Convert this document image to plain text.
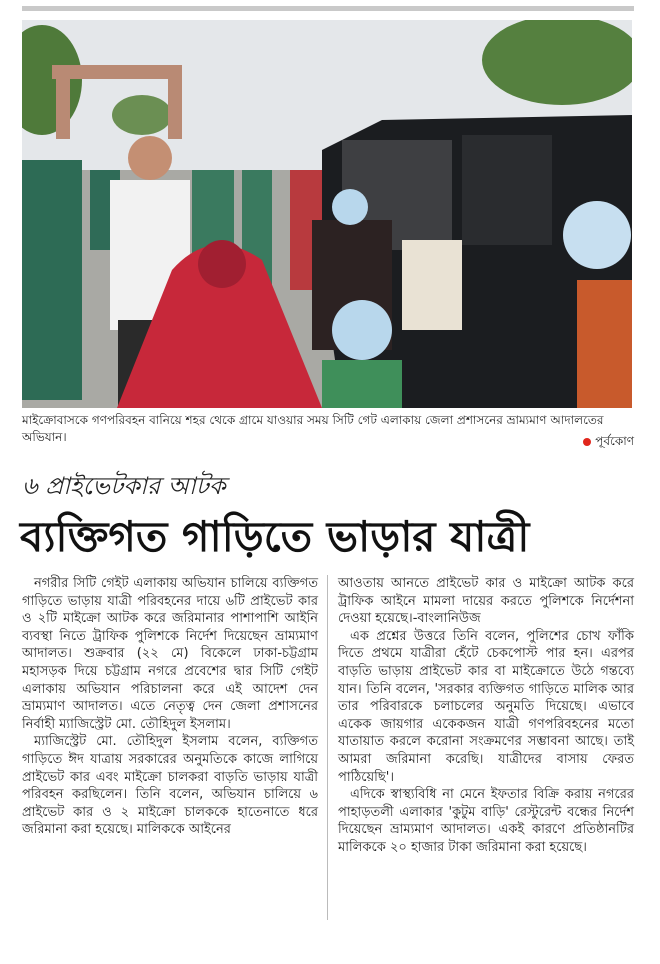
মাইক্রোবাসকে গণপরিবহন বানিয়ে শহর থেকে গ্রামে যাওয়ার সময় সিটি গেট এলাকায় জেলা প্রশাসনের ভ্রাম্যমাণ আদালতের অভিযান।	পূর্বকোণ
৬ প্রাইভেটকার আটক
ব্যক্তিগত গাড়িতে ভাড়ার যাত্রী

নগরীর সিটি গেইট এলাকায় অভিযান চালিয়ে ব্যক্তিগত গাড়িতে ভাড়ায় যাত্রী পরিবহনের দায়ে ৬টি প্রাইভেট কার ও ২টি মাইক্রো আটক করে জরিমানার পাশাপাশি আইনি ব্যবস্থা নিতে ট্রাফিক পুলিশকে নির্দেশ দিয়েছেন ভ্রাম্যমাণ আদালত। শুক্রবার (২২ মে) বিকেলে ঢাকা-চট্টগ্রাম মহাসড়ক দিয়ে চট্টগ্রাম নগরে প্রবেশের দ্বার সিটি গেইট এলাকায় অভিযান পরিচালনা করে এই আদেশ দেন ভ্রাম্যমাণ আদালত। এতে নেতৃত্ব দেন জেলা প্রশাসনের নির্বাহী ম্যাজিস্ট্রেট মো. তৌহিদুল ইসলাম।

ম্যাজিস্ট্রেট মো. তৌহিদুল ইসলাম বলেন, ব্যক্তিগত গাড়িতে ঈদ যাত্রায় সরকারের অনুমতিকে কাজে লাগিয়ে প্রাইভেট কার এবং মাইক্রো চালকরা বাড়তি ভাড়ায় যাত্রী পরিবহন করছিলেন। তিনি বলেন, অভিযান চালিয়ে ৬ প্রাইভেট কার ও ২ মাইক্রো চালককে হাতেনাতে ধরে জরিমানা করা হয়েছে। মালিককে আইনের

আওতায় আনতে প্রাইভেট কার ও মাইক্রো আটক করে ট্রাফিক আইনে মামলা দায়ের করতে পুলিশকে নির্দেশনা দেওয়া হয়েছে।-বাংলানিউজ

এক প্রশ্নের উত্তরে তিনি বলেন, পুলিশের চোখ ফাঁকি দিতে প্রথমে যাত্রীরা হেঁটে চেকপোস্ট পার হন। এরপর বাড়তি ভাড়ায় প্রাইভেট কার বা মাইক্রোতে উঠে গন্তব্যে যান। তিনি বলেন, 'সরকার ব্যক্তিগত গাড়িতে মালিক আর তার পরিবারকে চলাচলের অনুমতি দিয়েছে। এভাবে একেক জায়গার একেকজন যাত্রী গণপরিবহনের মতো যাতায়াত করলে করোনা সংক্রমণের সম্ভাবনা আছে। তাই আমরা জরিমানা করেছি। যাত্রীদের বাসায় ফেরত পাঠিয়েছি'।

এদিকে স্বাস্থ্যবিধি না মেনে ইফতার বিক্রি করায় নগরের পাহাড়তলী এলাকার 'কুটুম বাড়ি' রেস্টুরেন্ট বন্ধের নির্দেশ দিয়েছেন ভ্রাম্যমাণ আদালত। একই কারণে প্রতিষ্ঠানটির মালিককে ২০ হাজার টাকা জরিমানা করা হয়েছে।
